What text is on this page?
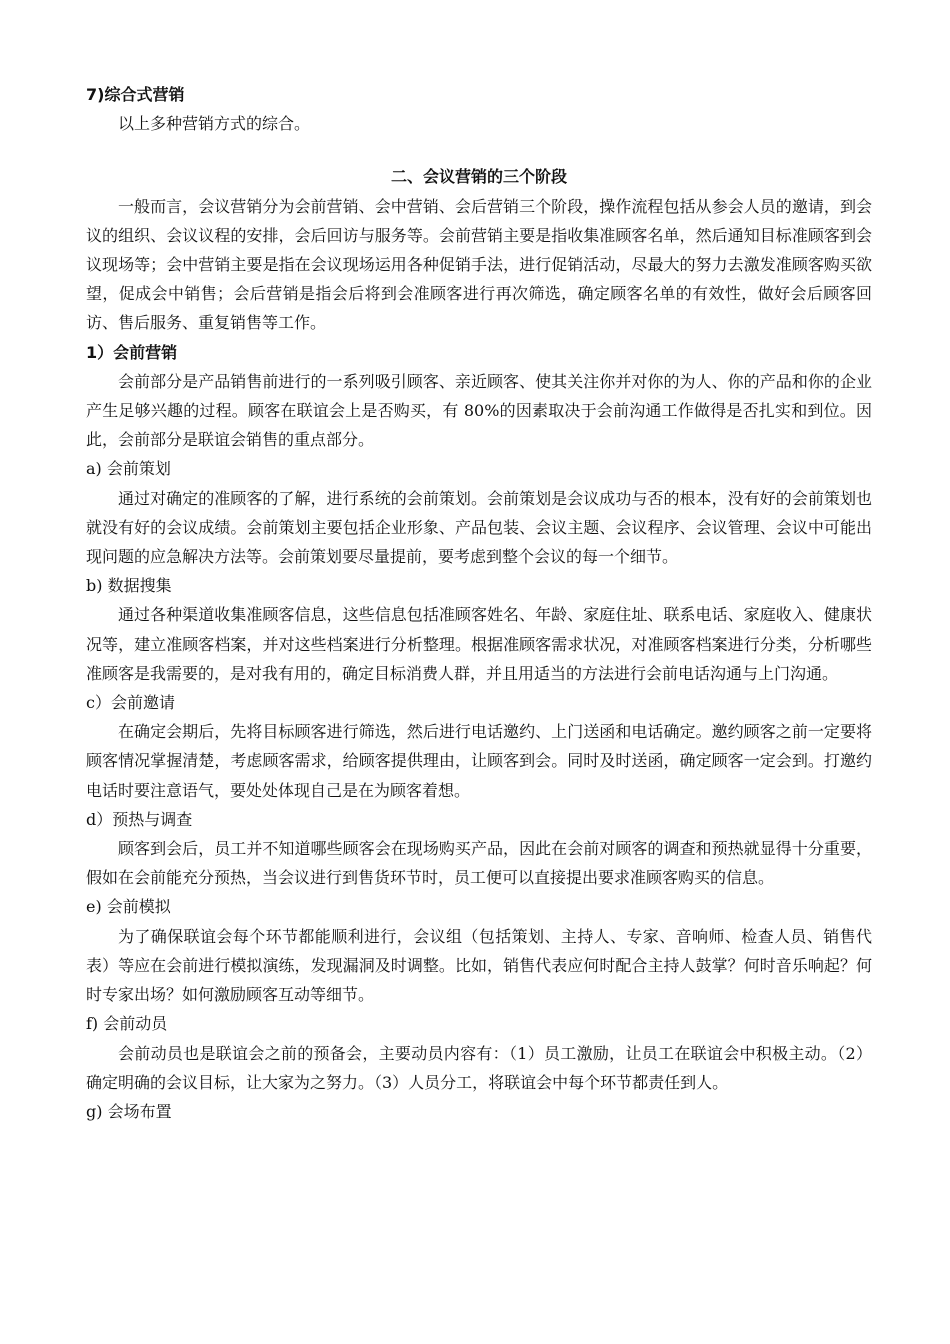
7)综合式营销

以上多种营销方式的综合。

二、会议营销的三个阶段

一般而言，会议营销分为会前营销、会中营销、会后营销三个阶段，操作流程包括从参会人员的邀请，到会议的组织、会议议程的安排，会后回访与服务等。会前营销主要是指收集准顾客名单，然后通知目标准顾客到会议现场等；会中营销主要是指在会议现场运用各种促销手法，进行促销活动，尽最大的努力去激发准顾客购买欲望，促成会中销售；会后营销是指会后将到会准顾客进行再次筛选，确定顾客名单的有效性，做好会后顾客回访、售后服务、重复销售等工作。

1）会前营销

会前部分是产品销售前进行的一系列吸引顾客、亲近顾客、使其关注你并对你的为人、你的产品和你的企业产生足够兴趣的过程。顾客在联谊会上是否购买，有 80%的因素取决于会前沟通工作做得是否扎实和到位。因此，会前部分是联谊会销售的重点部分。

a) 会前策划

通过对确定的准顾客的了解，进行系统的会前策划。会前策划是会议成功与否的根本，没有好的会前策划也就没有好的会议成绩。会前策划主要包括企业形象、产品包装、会议主题、会议程序、会议管理、会议中可能出现问题的应急解决方法等。会前策划要尽量提前，要考虑到整个会议的每一个细节。

b) 数据搜集

通过各种渠道收集准顾客信息，这些信息包括准顾客姓名、年龄、家庭住址、联系电话、家庭收入、健康状况等，建立准顾客档案，并对这些档案进行分析整理。根据准顾客需求状况，对准顾客档案进行分类，分析哪些准顾客是我需要的，是对我有用的，确定目标消费人群，并且用适当的方法进行会前电话沟通与上门沟通。

c）会前邀请

在确定会期后，先将目标顾客进行筛选，然后进行电话邀约、上门送函和电话确定。邀约顾客之前一定要将顾客情况掌握清楚，考虑顾客需求，给顾客提供理由，让顾客到会。同时及时送函，确定顾客一定会到。打邀约电话时要注意语气，要处处体现自己是在为顾客着想。

d）预热与调查

顾客到会后，员工并不知道哪些顾客会在现场购买产品，因此在会前对顾客的调查和预热就显得十分重要，假如在会前能充分预热，当会议进行到售货环节时，员工便可以直接提出要求准顾客购买的信息。

e) 会前模拟

为了确保联谊会每个环节都能顺利进行，会议组（包括策划、主持人、专家、音响师、检查人员、销售代表）等应在会前进行模拟演练，发现漏洞及时调整。比如，销售代表应何时配合主持人鼓掌？何时音乐响起？何时专家出场？如何激励顾客互动等细节。

f) 会前动员

会前动员也是联谊会之前的预备会，主要动员内容有：（1）员工激励，让员工在联谊会中积极主动。（2）确定明确的会议目标，让大家为之努力。（3）人员分工，将联谊会中每个环节都责任到人。

g) 会场布置
